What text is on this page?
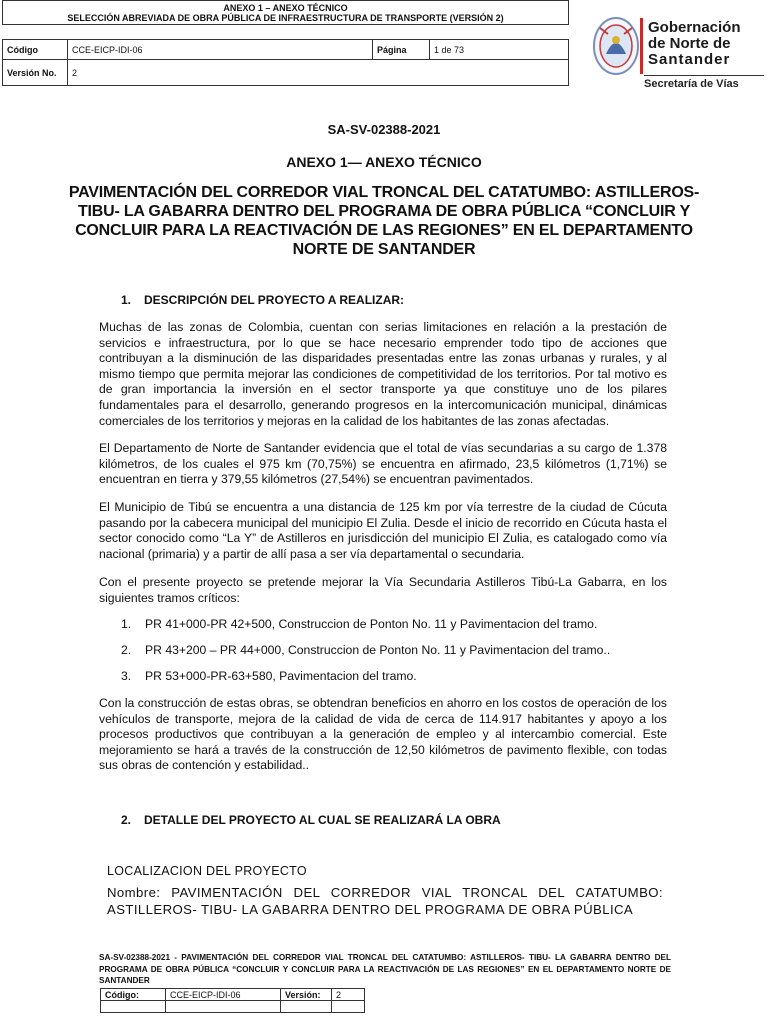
ANEXO 1 – ANEXO TÉCNICO
SELECCIÓN ABREVIADA DE OBRA PÚBLICA DE INFRAESTRUCTURA DE TRANSPORTE (VERSIÓN 2)			

Código	CCE-EICP-IDI-06	Página	1 de 73
Versión No.	2		
Gobernación
de Norte de
Santander
Secretaría de Vías
SA-SV-02388-2021
ANEXO 1— ANEXO TÉCNICO
PAVIMENTACIÓN DEL CORREDOR VIAL TRONCAL DEL CATATUMBO: ASTILLEROS- TIBU- LA GABARRA DENTRO DEL PROGRAMA DE OBRA PÚBLICA “CONCLUIR Y CONCLUIR PARA LA REACTIVACIÓN DE LAS REGIONES” EN EL DEPARTAMENTO NORTE DE SANTANDER
1. DESCRIPCIÓN DEL PROYECTO A REALIZAR:
Muchas de las zonas de Colombia, cuentan con serias limitaciones en relación a la prestación de servicios e infraestructura, por lo que se hace necesario emprender todo tipo de acciones que contribuyan a la disminución de las disparidades presentadas entre las zonas urbanas y rurales, y al mismo tiempo que permita mejorar las condiciones de competitividad de los territorios. Por tal motivo es de gran importancia la inversión en el sector transporte ya que constituye uno de los pilares fundamentales para el desarrollo, generando progresos en la intercomunicación municipal, dinámicas comerciales de los territorios y mejoras en la calidad de los habitantes de las zonas afectadas.
El Departamento de Norte de Santander evidencia que el total de vías secundarias a su cargo de 1.378 kilómetros, de los cuales el 975 km (70,75%) se encuentra en afirmado, 23,5 kilómetros (1,71%) se encuentran en tierra y 379,55 kilómetros (27,54%) se encuentran pavimentados.
El Municipio de Tibú se encuentra a una distancia de 125 km por vía terrestre de la ciudad de Cúcuta pasando por la cabecera municipal del municipio El Zulia. Desde el inicio de recorrido en Cúcuta hasta el sector conocido como “La Y” de Astilleros en jurisdicción del municipio El Zulia, es catalogado como vía nacional (primaria) y a partir de allí pasa a ser vía departamental o secundaria.
Con el presente proyecto se pretende mejorar la Vía Secundaria Astilleros Tibú-La Gabarra, en los siguientes tramos críticos:
1. PR 41+000-PR 42+500, Construccion de Ponton No. 11 y Pavimentacion del tramo.
2. PR 43+200 – PR 44+000, Construccion de Ponton No. 11 y Pavimentacion del tramo..
3. PR 53+000-PR-63+580, Pavimentacion del tramo.
Con la construcción de estas obras, se obtendran beneficios en ahorro en los costos de operación de los vehículos de transporte, mejora de la calidad de vida de cerca de 114.917 habitantes y apoyo a los procesos productivos que contribuyan a la generación de empleo y al intercambio comercial. Este mejoramiento se hará a través de la construcción de 12,50 kilómetros de pavimento flexible, con todas sus obras de contención y estabilidad..
2. DETALLE DEL PROYECTO AL CUAL SE REALIZARÁ LA OBRA
LOCALIZACION DEL PROYECTO
Nombre: PAVIMENTACIÓN DEL CORREDOR VIAL TRONCAL DEL CATATUMBO: ASTILLEROS- TIBU- LA GABARRA DENTRO DEL PROGRAMA DE OBRA PÚBLICA
SA-SV-02388-2021 - PAVIMENTACIÓN DEL CORREDOR VIAL TRONCAL DEL CATATUMBO: ASTILLEROS- TIBU- LA GABARRA DENTRO DEL PROGRAMA DE OBRA PÚBLICA “CONCLUIR Y CONCLUIR PARA LA REACTIVACIÓN DE LAS REGIONES” EN EL DEPARTAMENTO NORTE DE SANTANDER
Código:	CCE-EICP-IDI-06	Versión:	2
